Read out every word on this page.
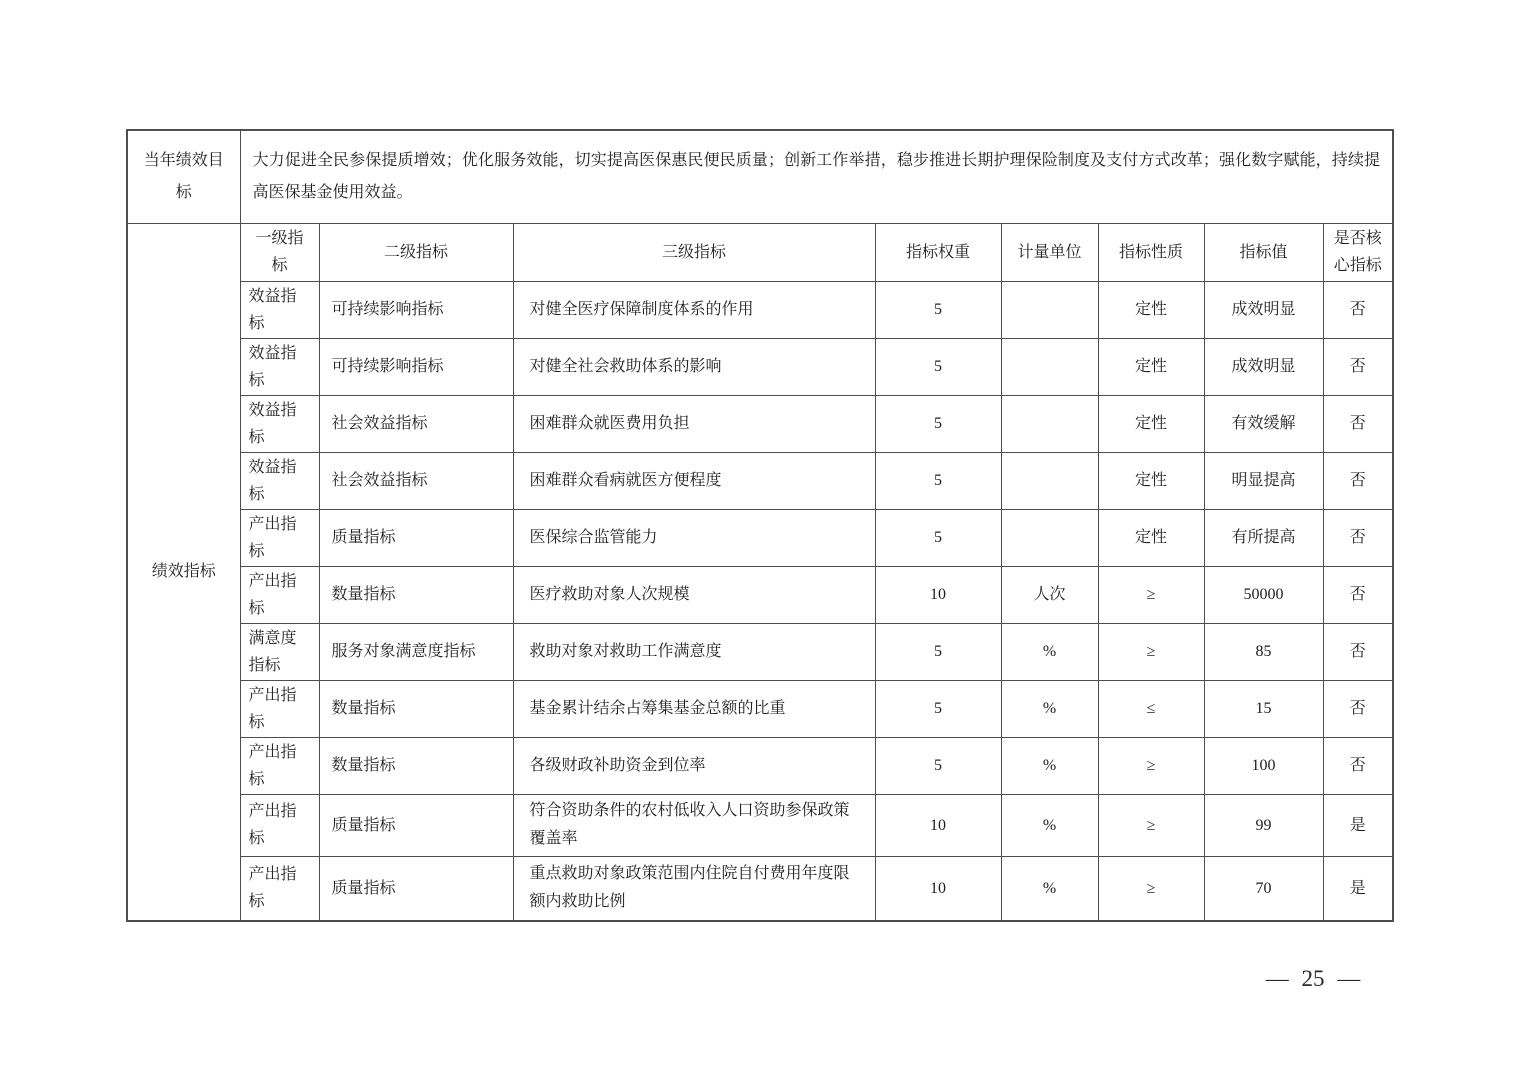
当年绩效目标	大力促进全民参保提质增效；优化服务效能，切实提高医保惠民便民质量；创新工作举措，稳步推进长期护理保险制度及支付方式改革；强化数字赋能，持续提高医保基金使用效益。							
绩效指标	一级指标	二级指标	三级指标	指标权重	计量单位	指标性质	指标值	是否核心指标
	效益指标	可持续影响指标	对健全医疗保障制度体系的作用	5		定性	成效明显	否
	效益指标	可持续影响指标	对健全社会救助体系的影响	5		定性	成效明显	否
	效益指标	社会效益指标	困难群众就医费用负担	5		定性	有效缓解	否
	效益指标	社会效益指标	困难群众看病就医方便程度	5		定性	明显提高	否
	产出指标	质量指标	医保综合监管能力	5		定性	有所提高	否
	产出指标	数量指标	医疗救助对象人次规模	10	人次	≥	50000	否
	满意度指标	服务对象满意度指标	救助对象对救助工作满意度	5	%	≥	85	否
	产出指标	数量指标	基金累计结余占筹集基金总额的比重	5	%	≤	15	否
	产出指标	数量指标	各级财政补助资金到位率	5	%	≥	100	否
	产出指标	质量指标	符合资助条件的农村低收入人口资助参保政策覆盖率	10	%	≥	99	是
	产出指标	质量指标	重点救助对象政策范围内住院自付费用年度限额内救助比例	10	%	≥	70	是
— 25 —
